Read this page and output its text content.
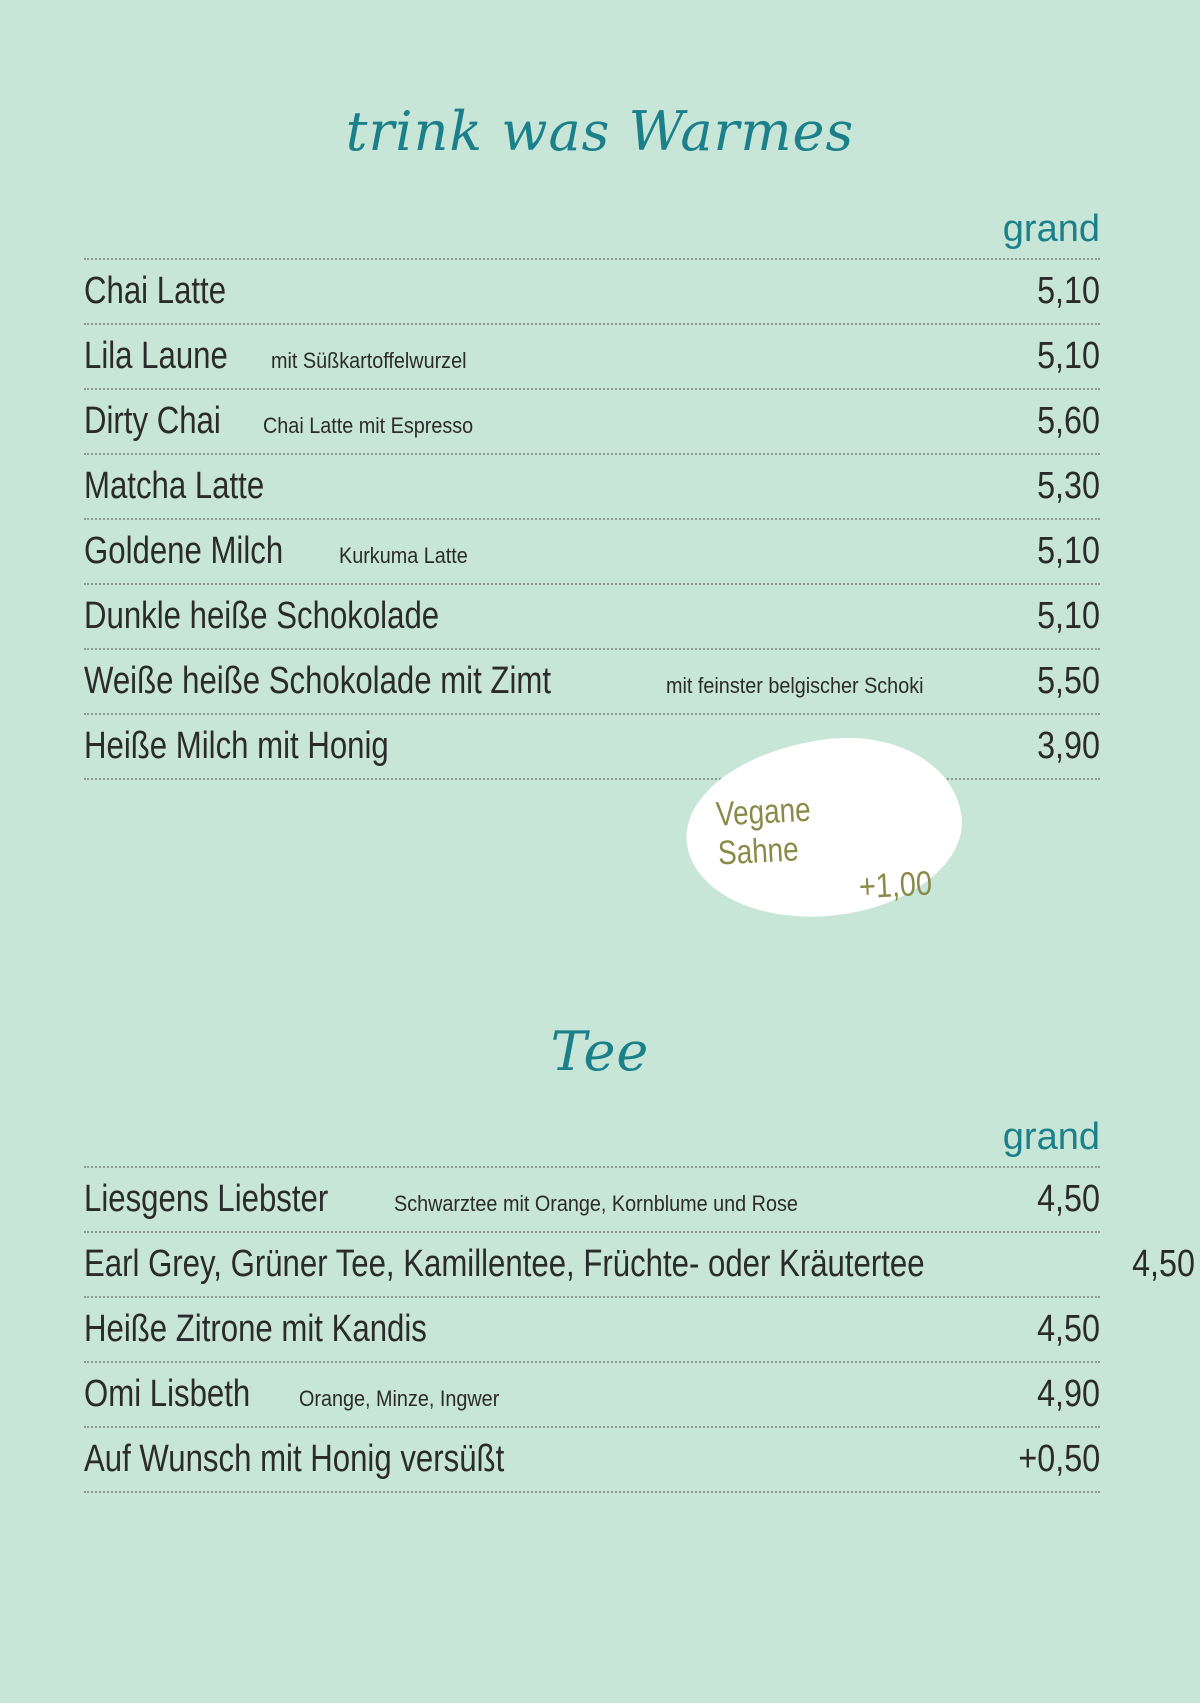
trink was Warmes
grand
Chai Latte	5,10
Lila Laune mit Süßkartoffelwurzel	5,10
Dirty Chai Chai Latte mit Espresso	5,60
Matcha Latte	5,30
Goldene Milch	Kurkuma Latte	5,10
Dunkle heiße Schokolade	5,10
Weiße heiße Schokolade mit Zimt	mit feinster belgischer Schoki	5,50
Heiße Milch mit Honig	3,90
Vegane Sahne
+1,00
Tee
grand
Liesgens Liebster	Schwarztee mit Orange, Kornblume und Rose	4,50
Earl Grey, Grüner Tee, Kamillentee, Früchte- oder Kräutertee	4,50
Heiße Zitrone mit Kandis	4,50
Omi Lisbeth Orange, Minze, Ingwer	4,90
Auf Wunsch mit Honig versüßt	+0,50
